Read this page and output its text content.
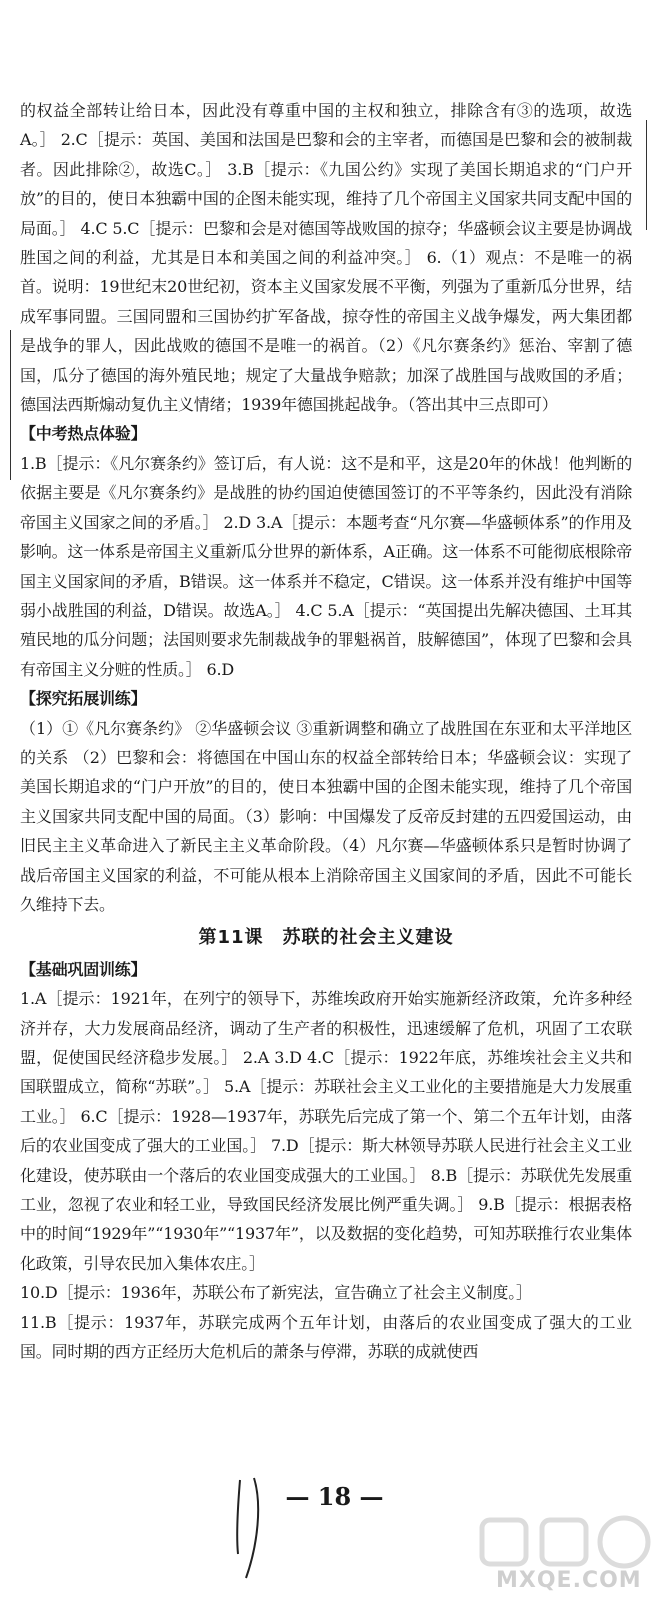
的权益全部转让给日本，因此没有尊重中国的主权和独立，排除含有③的选项，故选A。］ 2.C［提示：英国、美国和法国是巴黎和会的主宰者，而德国是巴黎和会的被制裁者。因此排除②，故选C。］ 3.B［提示：《九国公约》实现了美国长期追求的“门户开放”的目的，使日本独霸中国的企图未能实现，维持了几个帝国主义国家共同支配中国的局面。］ 4.C 5.C［提示：巴黎和会是对德国等战败国的掠夺；华盛顿会议主要是协调战胜国之间的利益，尤其是日本和美国之间的利益冲突。］ 6.（1）观点：不是唯一的祸首。说明：19世纪末20世纪初，资本主义国家发展不平衡，列强为了重新瓜分世界，结成军事同盟。三国同盟和三国协约扩军备战，掠夺性的帝国主义战争爆发，两大集团都是战争的罪人，因此战败的德国不是唯一的祸首。（2）《凡尔赛条约》惩治、宰割了德国，瓜分了德国的海外殖民地；规定了大量战争赔款；加深了战胜国与战败国的矛盾；德国法西斯煽动复仇主义情绪；1939年德国挑起战争。（答出其中三点即可）

【中考热点体验】

1.B［提示：《凡尔赛条约》签订后，有人说：这不是和平，这是20年的休战！他判断的依据主要是《凡尔赛条约》是战胜的协约国迫使德国签订的不平等条约，因此没有消除帝国主义国家之间的矛盾。］ 2.D 3.A［提示：本题考查“凡尔赛—华盛顿体系”的作用及影响。这一体系是帝国主义重新瓜分世界的新体系，A正确。这一体系不可能彻底根除帝国主义国家间的矛盾，B错误。这一体系并不稳定，C错误。这一体系并没有维护中国等弱小战胜国的利益，D错误。故选A。］ 4.C 5.A［提示：“英国提出先解决德国、土耳其殖民地的瓜分问题；法国则要求先制裁战争的罪魁祸首，肢解德国”，体现了巴黎和会具有帝国主义分赃的性质。］ 6.D

【探究拓展训练】

（1）①《凡尔赛条约》 ②华盛顿会议 ③重新调整和确立了战胜国在东亚和太平洋地区的关系 （2）巴黎和会：将德国在中国山东的权益全部转给日本；华盛顿会议：实现了美国长期追求的“门户开放”的目的，使日本独霸中国的企图未能实现，维持了几个帝国主义国家共同支配中国的局面。（3）影响：中国爆发了反帝反封建的五四爱国运动，由旧民主主义革命进入了新民主主义革命阶段。（4）凡尔赛—华盛顿体系只是暂时协调了战后帝国主义国家的利益，不可能从根本上消除帝国主义国家间的矛盾，因此不可能长久维持下去。

第11课　苏联的社会主义建设

【基础巩固训练】

1.A［提示：1921年，在列宁的领导下，苏维埃政府开始实施新经济政策，允许多种经济并存，大力发展商品经济，调动了生产者的积极性，迅速缓解了危机，巩固了工农联盟，促使国民经济稳步发展。］ 2.A 3.D 4.C［提示：1922年底，苏维埃社会主义共和国联盟成立，简称“苏联”。］ 5.A［提示：苏联社会主义工业化的主要措施是大力发展重工业。］ 6.C［提示：1928—1937年，苏联先后完成了第一个、第二个五年计划，由落后的农业国变成了强大的工业国。］ 7.D［提示：斯大林领导苏联人民进行社会主义工业化建设，使苏联由一个落后的农业国变成强大的工业国。］ 8.B［提示：苏联优先发展重工业，忽视了农业和轻工业，导致国民经济发展比例严重失调。］ 9.B［提示：根据表格中的时间“1929年”“1930年”“1937年”，以及数据的变化趋势，可知苏联推行农业集体化政策，引导农民加入集体农庄。］

10.D［提示：1936年，苏联公布了新宪法，宣告确立了社会主义制度。］

11.B［提示：1937年，苏联完成两个五年计划，由落后的农业国变成了强大的工业国。同时期的西方正经历大危机后的萧条与停滞，苏联的成就使西

— 18 —
MXQE.COM
